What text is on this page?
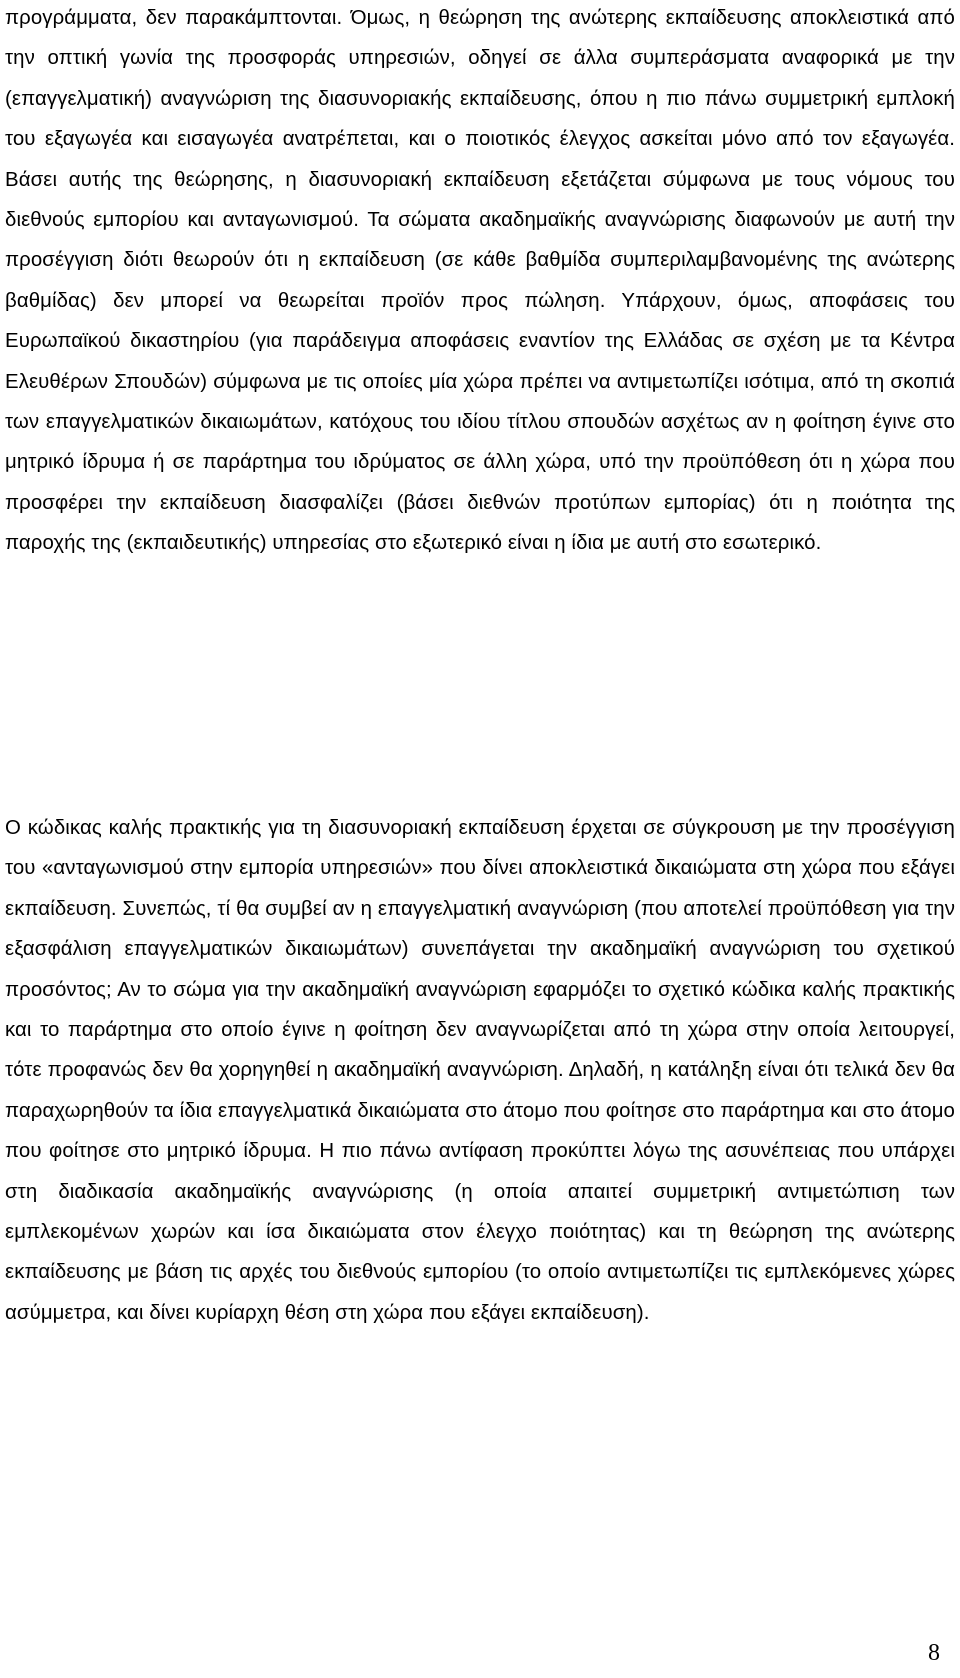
προγράμματα, δεν παρακάμπτονται. Όμως, η θεώρηση της ανώτερης εκπαίδευσης αποκλειστικά από την οπτική γωνία της προσφοράς υπηρεσιών, οδηγεί σε άλλα συμπεράσματα αναφορικά με την (επαγγελματική) αναγνώριση της διασυνοριακής εκπαίδευσης, όπου η πιο πάνω συμμετρική εμπλοκή του εξαγωγέα και εισαγωγέα ανατρέπεται, και ο ποιοτικός έλεγχος ασκείται μόνο από τον εξαγωγέα. Βάσει αυτής της θεώρησης, η διασυνοριακή εκπαίδευση εξετάζεται σύμφωνα με τους νόμους του διεθνούς εμπορίου και ανταγωνισμού. Τα σώματα ακαδημαϊκής αναγνώρισης διαφωνούν με αυτή την προσέγγιση διότι θεωρούν ότι η εκπαίδευση (σε κάθε βαθμίδα συμπεριλαμβανομένης της ανώτερης βαθμίδας) δεν μπορεί να θεωρείται προϊόν προς πώληση. Υπάρχουν, όμως, αποφάσεις του Ευρωπαϊκού δικαστηρίου (για παράδειγμα αποφάσεις εναντίον της Ελλάδας σε σχέση με τα Κέντρα Ελευθέρων Σπουδών) σύμφωνα με τις οποίες μία χώρα πρέπει να αντιμετωπίζει ισότιμα, από τη σκοπιά των επαγγελματικών δικαιωμάτων, κατόχους του ιδίου τίτλου σπουδών ασχέτως αν η φοίτηση έγινε στο μητρικό ίδρυμα ή σε παράρτημα του ιδρύματος σε άλλη χώρα, υπό την προϋπόθεση ότι η χώρα που προσφέρει την εκπαίδευση διασφαλίζει (βάσει διεθνών προτύπων εμπορίας) ότι η ποιότητα της παροχής της (εκπαιδευτικής) υπηρεσίας στο εξωτερικό είναι η ίδια με αυτή στο εσωτερικό.

Ο κώδικας καλής πρακτικής για τη διασυνοριακή εκπαίδευση έρχεται σε σύγκρουση με την προσέγγιση του «ανταγωνισμού στην εμπορία υπηρεσιών» που δίνει αποκλειστικά δικαιώματα στη χώρα που εξάγει εκπαίδευση. Συνεπώς, τί θα συμβεί αν η επαγγελματική αναγνώριση (που αποτελεί προϋπόθεση για την εξασφάλιση επαγγελματικών δικαιωμάτων) συνεπάγεται την ακαδημαϊκή αναγνώριση του σχετικού προσόντος; Αν το σώμα για την ακαδημαϊκή αναγνώριση εφαρμόζει το σχετικό κώδικα καλής πρακτικής και το παράρτημα στο οποίο έγινε η φοίτηση δεν αναγνωρίζεται από τη χώρα στην οποία λειτουργεί, τότε προφανώς δεν θα χορηγηθεί η ακαδημαϊκή αναγνώριση. Δηλαδή, η κατάληξη είναι ότι τελικά δεν θα παραχωρηθούν τα ίδια επαγγελματικά δικαιώματα στο άτομο που φοίτησε στο παράρτημα και στο άτομο που φοίτησε στο μητρικό ίδρυμα. Η πιο πάνω αντίφαση προκύπτει λόγω της ασυνέπειας που υπάρχει στη διαδικασία ακαδημαϊκής αναγνώρισης (η οποία απαιτεί συμμετρική αντιμετώπιση των εμπλεκομένων χωρών και ίσα δικαιώματα στον έλεγχο ποιότητας) και τη θεώρηση της ανώτερης εκπαίδευσης με βάση τις αρχές του διεθνούς εμπορίου (το οποίο αντιμετωπίζει τις εμπλεκόμενες χώρες ασύμμετρα, και δίνει κυρίαρχη θέση στη χώρα που εξάγει εκπαίδευση).

8
